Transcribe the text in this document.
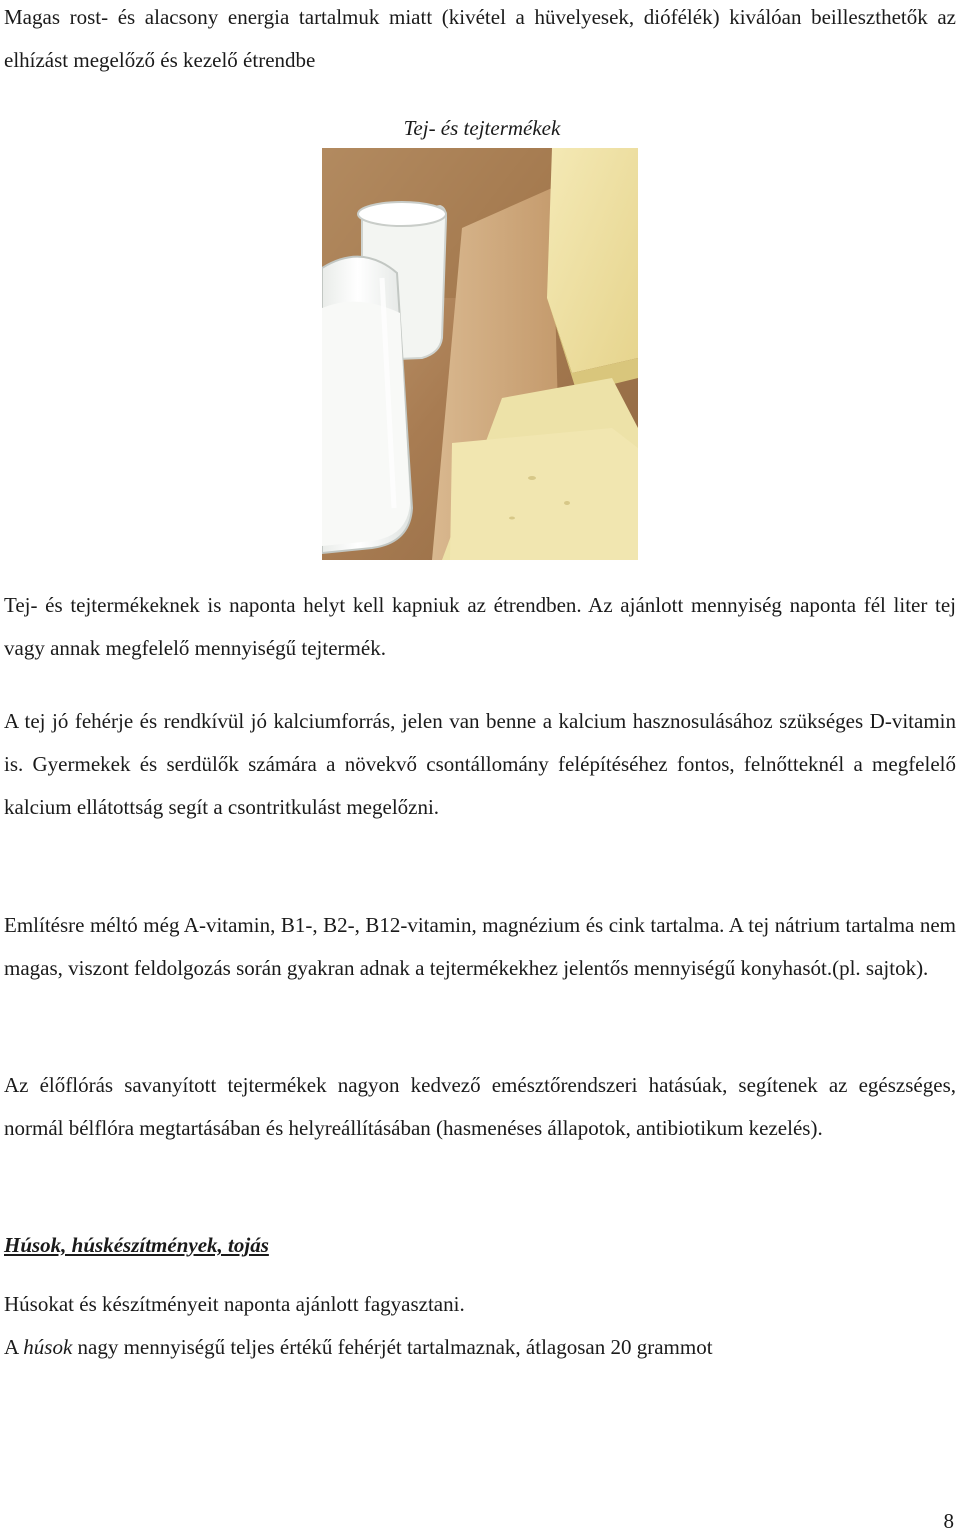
Magas rost- és alacsony energia tartalmuk miatt (kivétel a hüvelyesek, diófélék) kiválóan beilleszthetők az elhízást megelőző és kezelő étrendbe

Tej- és tejtermékek

Tej- és tejtermékeknek is naponta helyt kell kapniuk az étrendben. Az ajánlott mennyiség naponta fél liter tej vagy annak megfelelő mennyiségű tejtermék.

A tej jó fehérje és rendkívül jó kalciumforrás, jelen van benne a kalcium hasznosulásához szükséges D-vitamin is. Gyermekek és serdülők számára a növekvő csontállomány felépítéséhez fontos, felnőtteknél a megfelelő kalcium ellátottság segít a csontritkulást megelőzni.

Említésre méltó még A-vitamin, B1-, B2-, B12-vitamin, magnézium és cink tartalma. A tej nátrium tartalma nem magas, viszont feldolgozás során gyakran adnak a tejtermékekhez jelentős mennyiségű konyhasót.(pl. sajtok).

Az élőflórás savanyított tejtermékek nagyon kedvező emésztőrendszeri hatásúak, segítenek az egészséges, normál bélflóra megtartásában és helyreállításában (hasmenéses állapotok, antibiotikum kezelés).

Húsok, húskészítmények, tojás

Húsokat és készítményeit naponta ajánlott fagyasztani.

A húsok nagy mennyiségű teljes értékű fehérjét tartalmaznak, átlagosan 20 grammot

8
